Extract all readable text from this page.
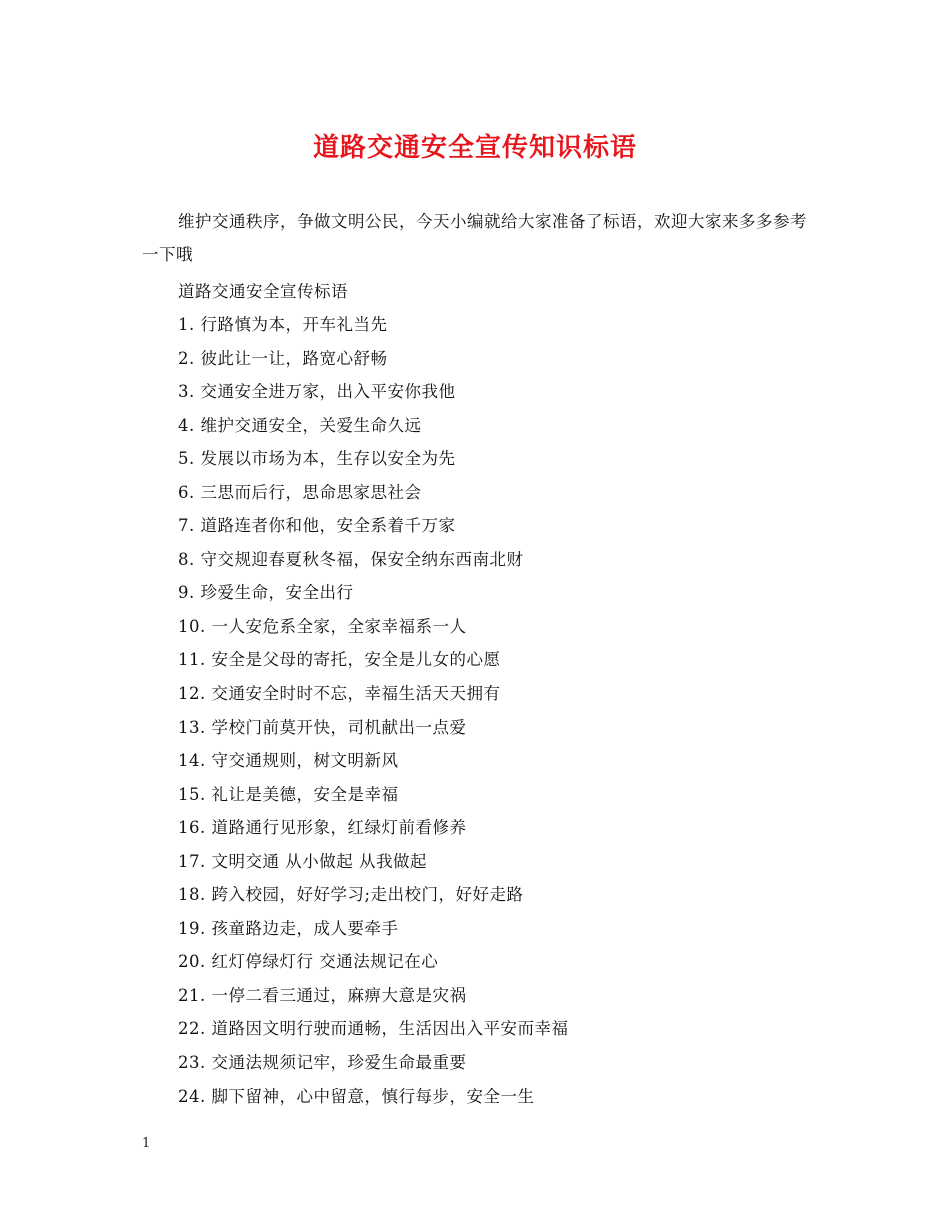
道路交通安全宣传知识标语

维护交通秩序，争做文明公民，今天小编就给大家准备了标语，欢迎大家来多多参考一下哦

道路交通安全宣传标语

1. 行路慎为本，开车礼当先
2. 彼此让一让，路宽心舒畅
3. 交通安全进万家，出入平安你我他
4. 维护交通安全，关爱生命久远
5. 发展以市场为本，生存以安全为先
6. 三思而后行，思命思家思社会
7. 道路连者你和他，安全系着千万家
8. 守交规迎春夏秋冬福，保安全纳东西南北财
9. 珍爱生命，安全出行
10. 一人安危系全家，全家幸福系一人
11. 安全是父母的寄托，安全是儿女的心愿
12. 交通安全时时不忘，幸福生活天天拥有
13. 学校门前莫开快，司机献出一点爱
14. 守交通规则，树文明新风
15. 礼让是美德，安全是幸福
16. 道路通行见形象，红绿灯前看修养
17. 文明交通 从小做起 从我做起
18. 跨入校园，好好学习;走出校门，好好走路
19. 孩童路边走，成人要牵手
20. 红灯停绿灯行 交通法规记在心
21. 一停二看三通过，麻痹大意是灾祸
22. 道路因文明行驶而通畅，生活因出入平安而幸福
23. 交通法规须记牢，珍爱生命最重要
24. 脚下留神，心中留意，慎行每步，安全一生
1
